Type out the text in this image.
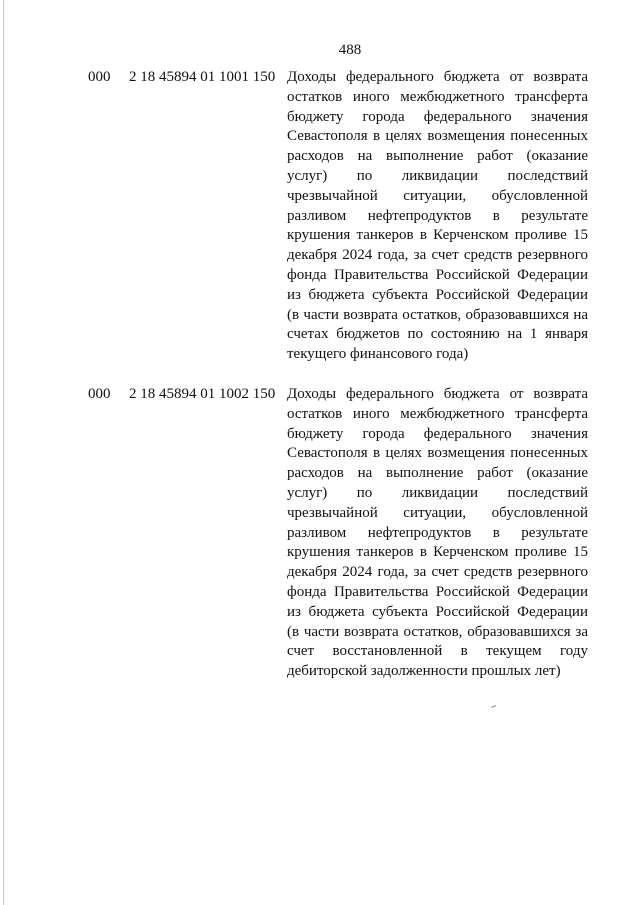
488
000 2 18 45894 01 1001 150 Доходы федерального бюджета от возврата остатков иного межбюджетного трансферта бюджету города федерального значения Севастополя в целях возмещения понесенных расходов на выполнение работ (оказание услуг) по ликвидации последствий чрезвычайной ситуации, обусловленной разливом нефтепродуктов в результате крушения танкеров в Керченском проливе 15 декабря 2024 года, за счет средств резервного фонда Правительства Российской Федерации из бюджета субъекта Российской Федерации (в части возврата остатков, образовавшихся на счетах бюджетов по состоянию на 1 января текущего финансового года)
000 2 18 45894 01 1002 150 Доходы федерального бюджета от возврата остатков иного межбюджетного трансферта бюджету города федерального значения Севастополя в целях возмещения понесенных расходов на выполнение работ (оказание услуг) по ликвидации последствий чрезвычайной ситуации, обусловленной разливом нефтепродуктов в результате крушения танкеров в Керченском проливе 15 декабря 2024 года, за счет средств резервного фонда Правительства Российской Федерации из бюджета субъекта Российской Федерации (в части возврата остатков, образовавшихся за счет восстановленной в текущем году дебиторской задолженности прошлых лет)
